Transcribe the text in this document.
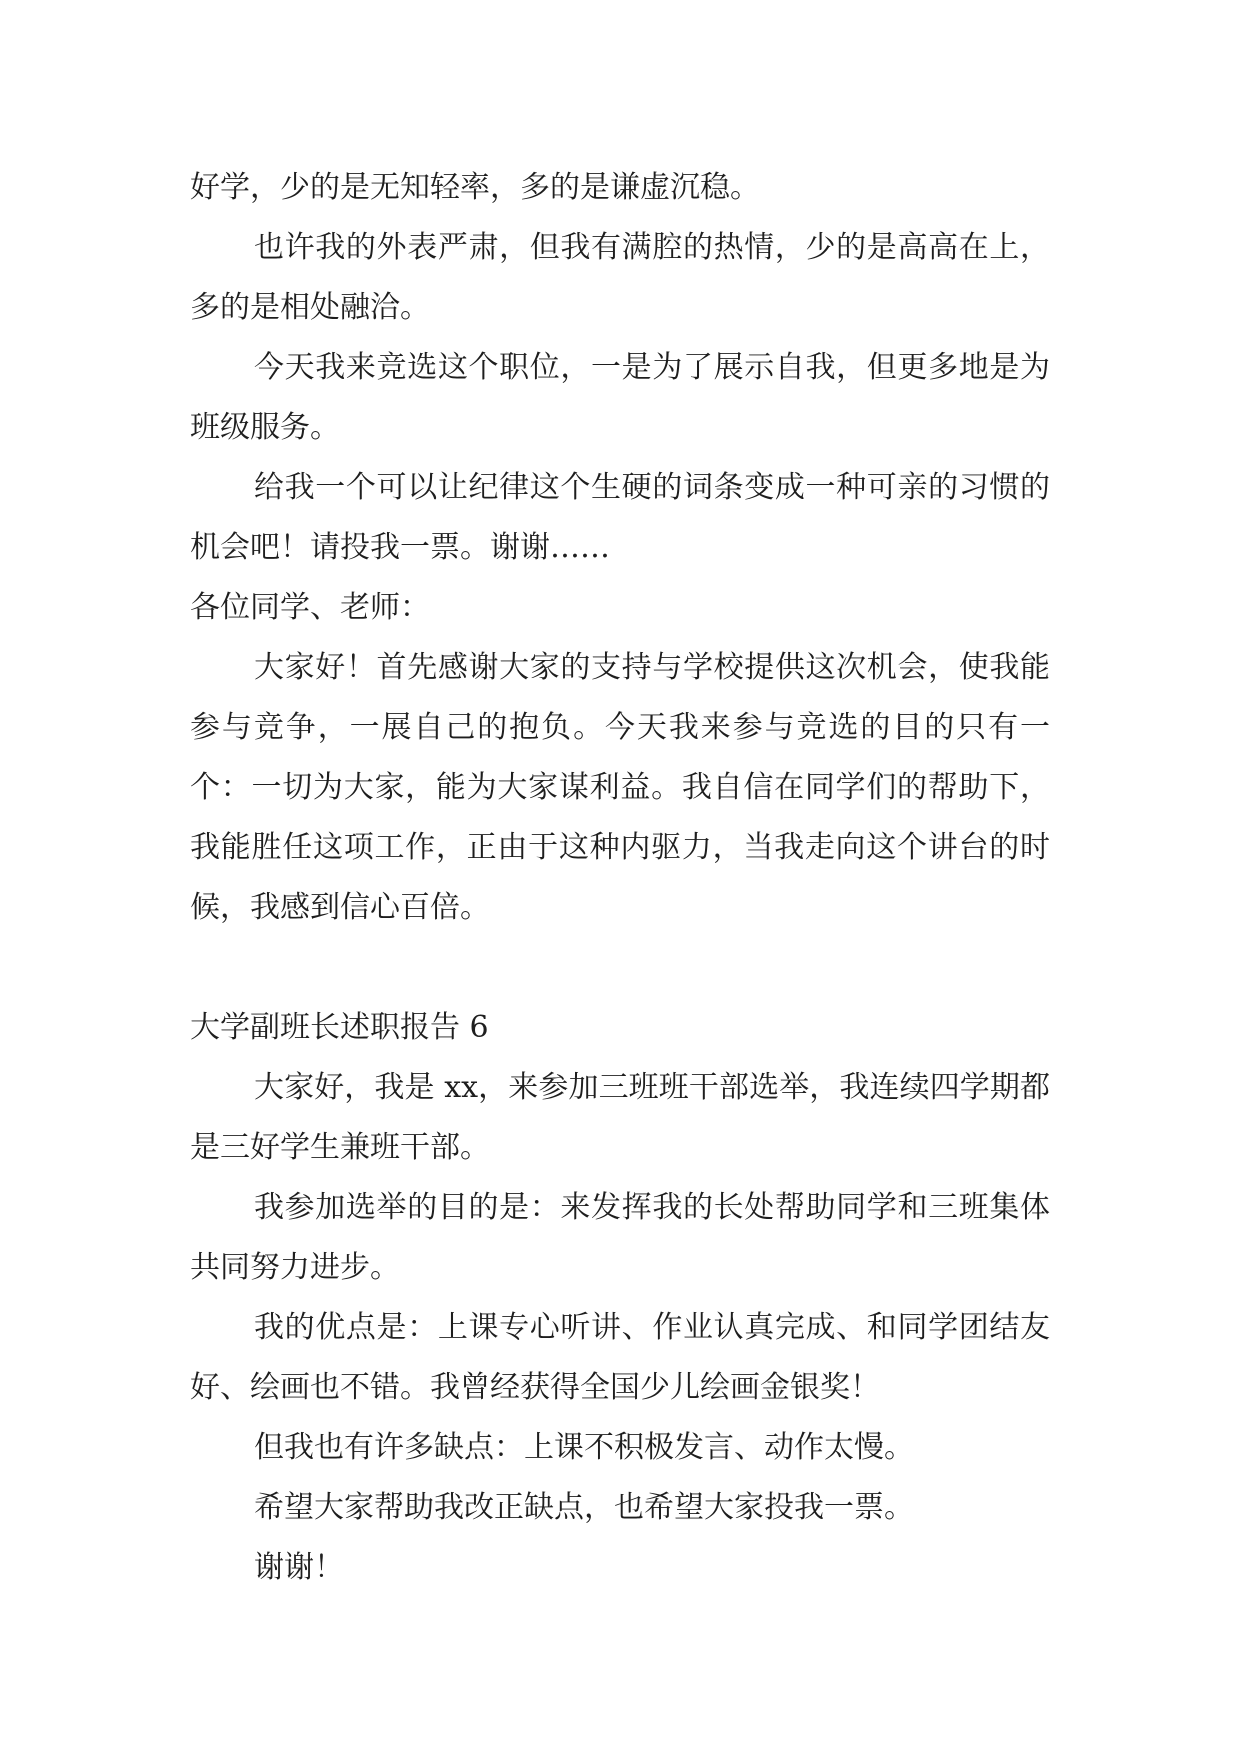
好学，少的是无知轻率，多的是谦虚沉稳。

也许我的外表严肃，但我有满腔的热情，少的是高高在上，多的是相处融洽。

今天我来竞选这个职位，一是为了展示自我，但更多地是为班级服务。

给我一个可以让纪律这个生硬的词条变成一种可亲的习惯的机会吧！请投我一票。谢谢……

各位同学、老师：

大家好！首先感谢大家的支持与学校提供这次机会，使我能参与竞争，一展自己的抱负。今天我来参与竞选的目的只有一个：一切为大家，能为大家谋利益。我自信在同学们的帮助下，我能胜任这项工作，正由于这种内驱力，当我走向这个讲台的时候，我感到信心百倍。

大学副班长述职报告 6

大家好，我是 xx，来参加三班班干部选举，我连续四学期都是三好学生兼班干部。

我参加选举的目的是：来发挥我的长处帮助同学和三班集体共同努力进步。

我的优点是：上课专心听讲、作业认真完成、和同学团结友好、绘画也不错。我曾经获得全国少儿绘画金银奖！

但我也有许多缺点：上课不积极发言、动作太慢。

希望大家帮助我改正缺点，也希望大家投我一票。

谢谢！
